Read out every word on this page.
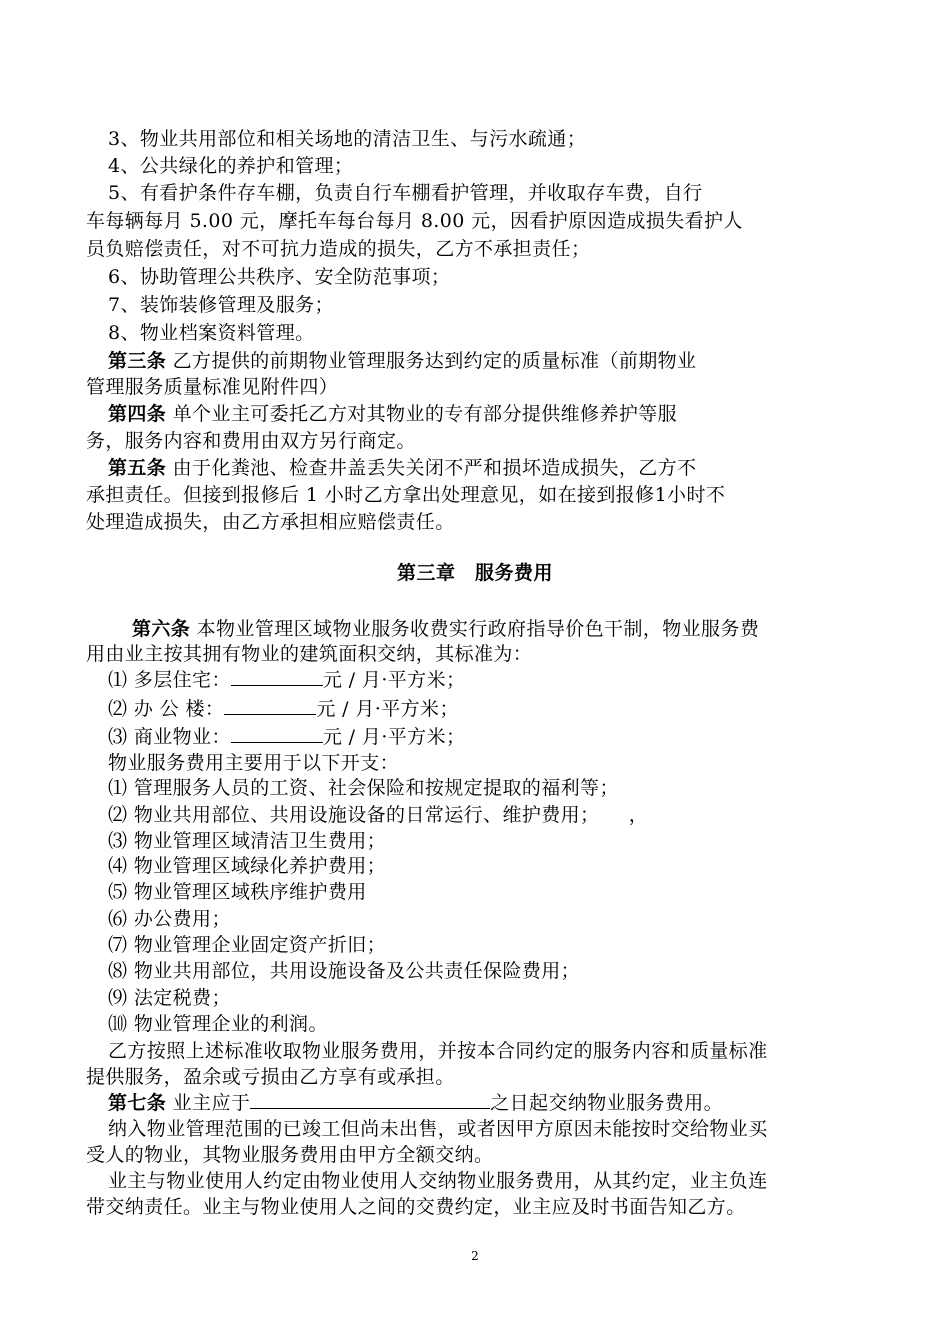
3、物业共用部位和相关场地的清洁卫生、与污水疏通；

4、公共绿化的养护和管理；

5、有看护条件存车棚，负责自行车棚看护管理，并收取存车费，自行

车每辆每月 5.00 元，摩托车每台每月 8.00 元，因看护原因造成损失看护人

员负赔偿责任，对不可抗力造成的损失，乙方不承担责任；

6、协助管理公共秩序、安全防范事项；

7、装饰装修管理及服务；

8、物业档案资料管理。

第三条 乙方提供的前期物业管理服务达到约定的质量标准（前期物业

管理服务质量标准见附件四）

第四条 单个业主可委托乙方对其物业的专有部分提供维修养护等服

务，服务内容和费用由双方另行商定。

第五条 由于化粪池、检查井盖丢失关闭不严和损坏造成损失，乙方不

承担责任。但接到报修后 1 小时乙方拿出处理意见，如在接到报修1小时不

处理造成损失，由乙方承担相应赔偿责任。

第三章　服务费用

第六条 本物业管理区域物业服务收费实行政府指导价色干制，物业服务费

用由业主按其拥有物业的建筑面积交纳，其标准为：

⑴ 多层住宅：	元 / 月·平方米；

⑵ 办 公 楼：	元 / 月·平方米；

⑶ 商业物业：	元 / 月·平方米；

物业服务费用主要用于以下开支：

⑴ 管理服务人员的工资、社会保险和按规定提取的福利等；

⑵ 物业共用部位、共用设施设备的日常运行、维护费用；　　，

⑶ 物业管理区域清洁卫生费用；

⑷ 物业管理区域绿化养护费用；

⑸ 物业管理区域秩序维护费用

⑹ 办公费用；

⑺ 物业管理企业固定资产折旧；

⑻ 物业共用部位，共用设施设备及公共责任保险费用；

⑼ 法定税费；

⑽ 物业管理企业的利润。

乙方按照上述标准收取物业服务费用，并按本合同约定的服务内容和质量标准

提供服务，盈余或亏损由乙方享有或承担。

第七条 业主应于	之日起交纳物业服务费用。

纳入物业管理范围的已竣工但尚未出售，或者因甲方原因未能按时交给物业买

受人的物业，其物业服务费用由甲方全额交纳。

业主与物业使用人约定由物业使用人交纳物业服务费用，从其约定，业主负连

带交纳责任。业主与物业使用人之间的交费约定，业主应及时书面告知乙方。

2
